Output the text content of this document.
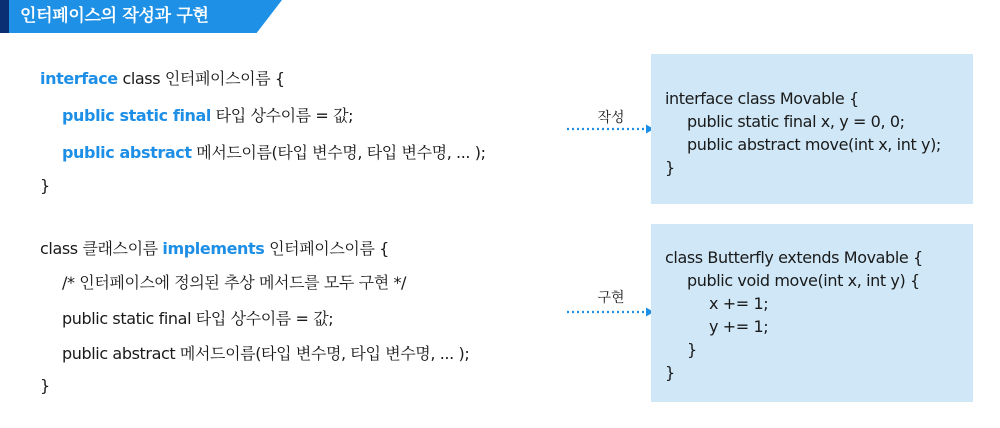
인터페이스의 작성과 구현
interface class 인터페이스이름 {
public static final 타입 상수이름 = 값;
public abstract 메서드이름(타입 변수명, 타입 변수명, ... );
}
class 클래스이름 implements 인터페이스이름 {
/* 인터페이스에 정의된 추상 메서드를 모두 구현 */
public static final 타입 상수이름 = 값;
public abstract 메서드이름(타입 변수명, 타입 변수명, ... );
}
작성
구현
interface class Movable {
public static final x, y = 0, 0;
public abstract move(int x, int y);
}
class Butterfly extends Movable {
public void move(int x, int y) {
x += 1;
y += 1;
}
}
